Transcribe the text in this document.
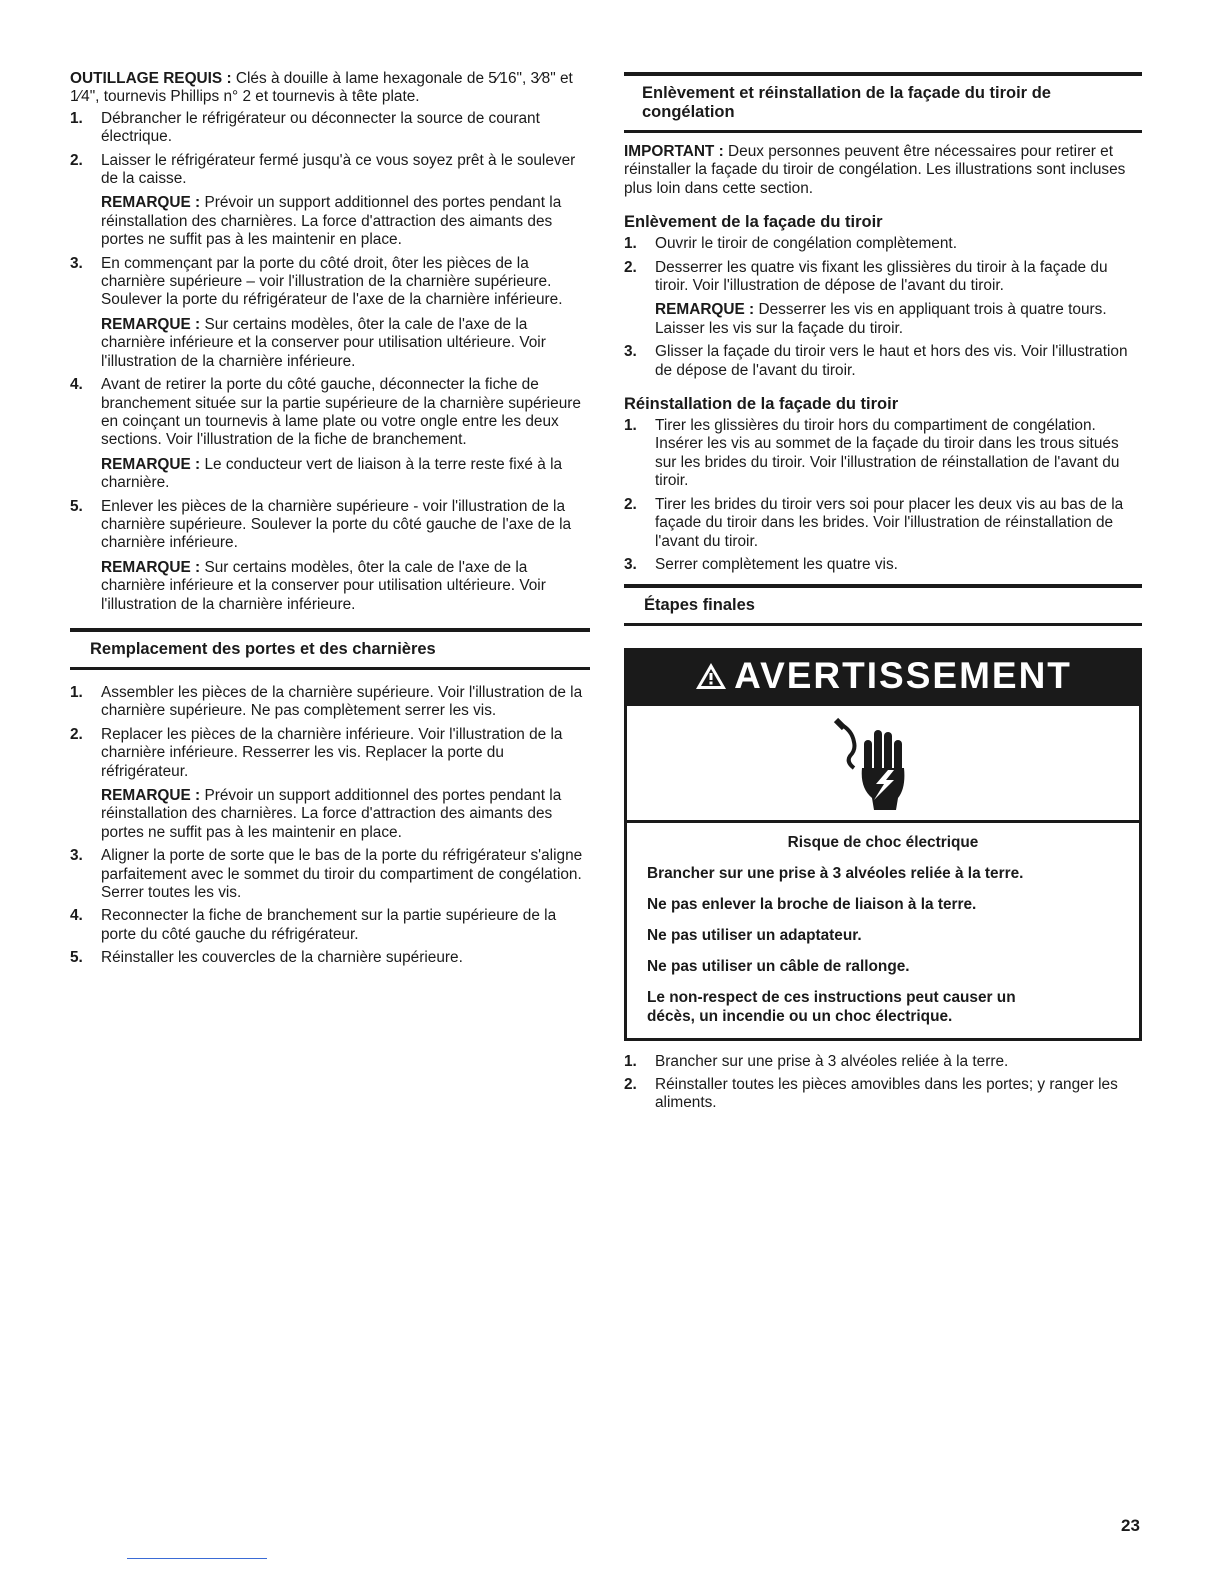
OUTILLAGE REQUIS : Clés à douille à lame hexagonale de 5⁄16", 3⁄8" et 1⁄4", tournevis Phillips n° 2 et tournevis à tête plate.

1. Débrancher le réfrigérateur ou déconnecter la source de courant électrique.
2. Laisser le réfrigérateur fermé jusqu'à ce vous soyez prêt à le soulever de la caisse.

REMARQUE : Prévoir un support additionnel des portes pendant la réinstallation des charnières. La force d'attraction des aimants des portes ne suffit pas à les maintenir en place.

3. En commençant par la porte du côté droit, ôter les pièces de la charnière supérieure – voir l'illustration de la charnière supérieure. Soulever la porte du réfrigérateur de l'axe de la charnière inférieure.

REMARQUE : Sur certains modèles, ôter la cale de l'axe de la charnière inférieure et la conserver pour utilisation ultérieure. Voir l'illustration de la charnière inférieure.

4. Avant de retirer la porte du côté gauche, déconnecter la fiche de branchement située sur la partie supérieure de la charnière supérieure en coinçant un tournevis à lame plate ou votre ongle entre les deux sections. Voir l'illustration de la fiche de branchement.

REMARQUE : Le conducteur vert de liaison à la terre reste fixé à la charnière.

5. Enlever les pièces de la charnière supérieure - voir l'illustration de la charnière supérieure. Soulever la porte du côté gauche de l'axe de la charnière inférieure.

REMARQUE : Sur certains modèles, ôter la cale de l'axe de la charnière inférieure et la conserver pour utilisation ultérieure. Voir l'illustration de la charnière inférieure.

Remplacement des portes et des charnières
1. Assembler les pièces de la charnière supérieure. Voir l'illustration de la charnière supérieure. Ne pas complètement serrer les vis.
2. Replacer les pièces de la charnière inférieure. Voir l'illustration de la charnière inférieure. Resserrer les vis. Replacer la porte du réfrigérateur.

REMARQUE : Prévoir un support additionnel des portes pendant la réinstallation des charnières. La force d'attraction des aimants des portes ne suffit pas à les maintenir en place.

3. Aligner la porte de sorte que le bas de la porte du réfrigérateur s'aligne parfaitement avec le sommet du tiroir du compartiment de congélation. Serrer toutes les vis.
4. Reconnecter la fiche de branchement sur la partie supérieure de la porte du côté gauche du réfrigérateur.
5. Réinstaller les couvercles de la charnière supérieure.
Enlèvement et réinstallation de la façade du tiroir de congélation

IMPORTANT : Deux personnes peuvent être nécessaires pour retirer et réinstaller la façade du tiroir de congélation. Les illustrations sont incluses plus loin dans cette section.

Enlèvement de la façade du tiroir
1. Ouvrir le tiroir de congélation complètement.
2. Desserrer les quatre vis fixant les glissières du tiroir à la façade du tiroir. Voir l'illustration de dépose de l'avant du tiroir.

REMARQUE : Desserrer les vis en appliquant trois à quatre tours. Laisser les vis sur la façade du tiroir.

3. Glisser la façade du tiroir vers le haut et hors des vis. Voir l'illustration de dépose de l'avant du tiroir.
Réinstallation de la façade du tiroir
1. Tirer les glissières du tiroir hors du compartiment de congélation. Insérer les vis au sommet de la façade du tiroir dans les trous situés sur les brides du tiroir. Voir l'illustration de réinstallation de l'avant du tiroir.
2. Tirer les brides du tiroir vers soi pour placer les deux vis au bas de la façade du tiroir dans les brides. Voir l'illustration de réinstallation de l'avant du tiroir.
3. Serrer complètement les quatre vis.
Étapes finales
AVERTISSEMENT

Risque de choc électrique

Brancher sur une prise à 3 alvéoles reliée à la terre.

Ne pas enlever la broche de liaison à la terre.

Ne pas utiliser un adaptateur.

Ne pas utiliser un câble de rallonge.

Le non-respect de ces instructions peut causer un décès, un incendie ou un choc électrique.

1. Brancher sur une prise à 3 alvéoles reliée à la terre.
2. Réinstaller toutes les pièces amovibles dans les portes; y ranger les aliments.
23
